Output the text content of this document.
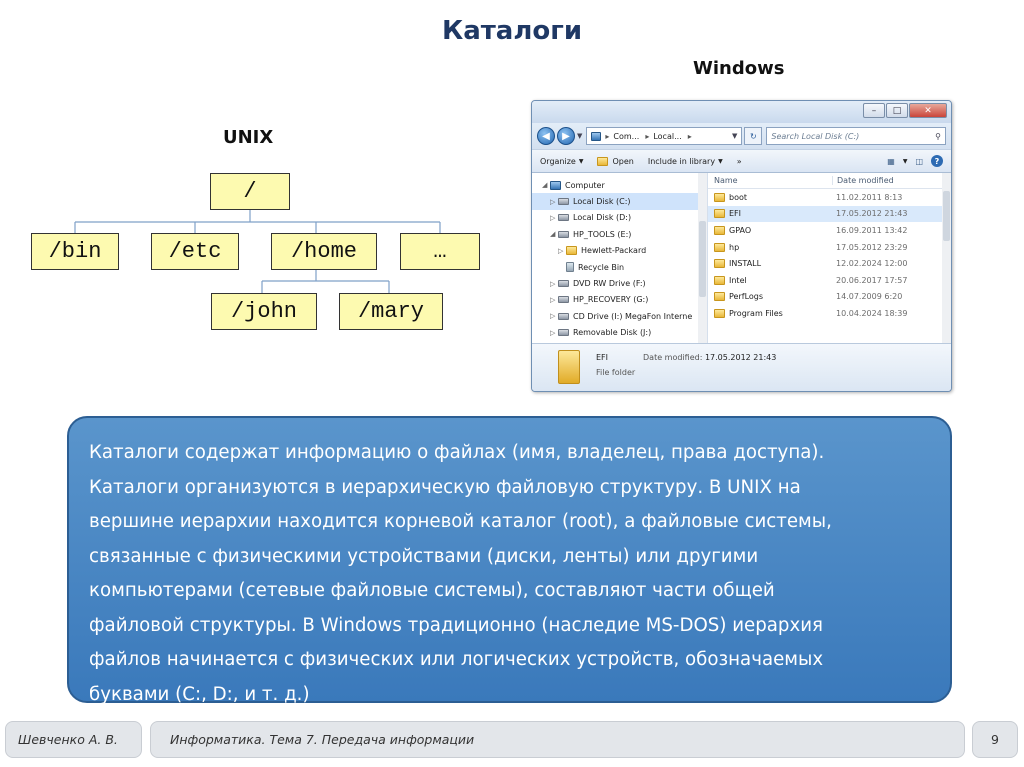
Каталоги
UNIX
/
/bin	/etc	/home	…
/john	/mary
Windows
–	□	✕
◀	▶	▼	▸ Com... ▸ Local... ▸	▼	↻	Search Local Disk (C:)	⚲
Organize ▼	Open Include in library ▼ »	▦ ▼ ◫	?
◢	Computer
▷	Local Disk (C:)
▷	Local Disk (D:)
◢	HP_TOOLS (E:)
▷	Hewlett-Packard
Recycle Bin
▷	DVD RW Drive (F:)
▷	HP_RECOVERY (G:)
▷	CD Drive (I:) MegaFon Interne
▷	Removable Disk (J:)
Name	Date modified
boot	11.02.2011 8:13
EFI	17.05.2012 21:43
GPAO	16.09.2011 13:42
hp	17.05.2012 23:29
INSTALL	12.02.2024 12:00
Intel	20.06.2017 17:57
PerfLogs	14.07.2009 6:20
Program Files	10.04.2024 18:39
EFI
File folder
Date modified: 17.05.2012 21:43
Каталоги содержат информацию о файлах (имя, владелец, права доступа).
Каталоги организуются в иерархическую файловую структуру. В UNIX на
вершине иерархии находится корневой каталог (root), а файловые системы,
связанные с физическими устройствами (диски, ленты) или другими
компьютерами (сетевые файловые системы), составляют части общей
файловой структуры. В Windows традиционно (наследие MS-DOS) иерархия
файлов начинается с физических или логических устройств, обозначаемых
буквами (С:, D:, и т. д.)
Шевченко А. В.	Информатика. Тема 7. Передача информации	9
